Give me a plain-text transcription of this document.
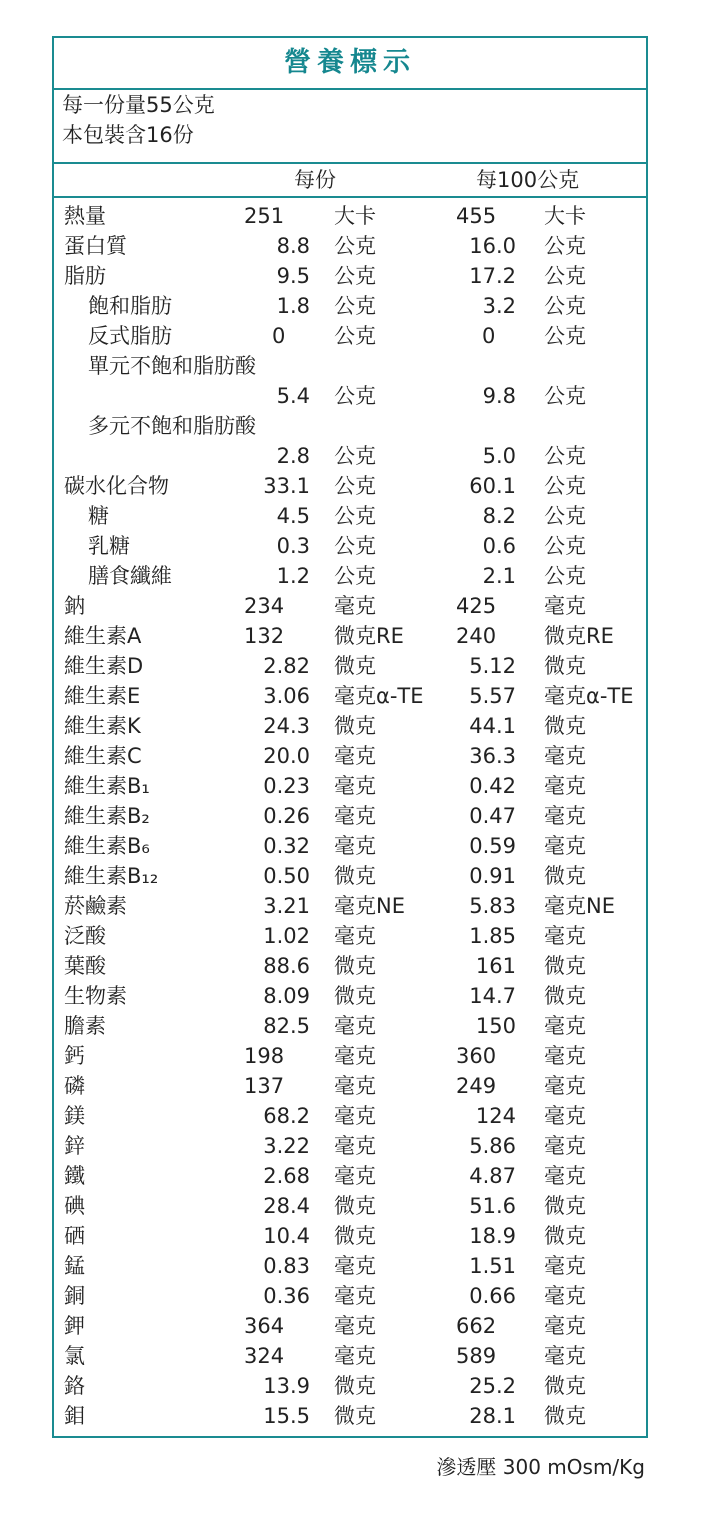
營養標示
每一份量55公克
本包裝含16份
每份	每100公克
熱量	251	大卡	455	大卡
蛋白質	8.8 公克	16.0 公克
脂肪	9.5 公克	17.2 公克
飽和脂肪	1.8 公克	3.2 公克
反式脂肪	0 公克	0 公克
單元不飽和脂肪酸
5.4 公克	9.8 公克
多元不飽和脂肪酸
2.8 公克	5.0 公克
碳水化合物	33.1 公克	60.1 公克
糖	4.5 公克	8.2 公克
乳糖	0.3 公克	0.6 公克
膳食纖維	1.2 公克	2.1 公克
鈉	234	毫克	425	毫克
維生素A	132	微克RE 240	微克RE
維生素D	2.82 微克	5.12 微克
維生素E	3.06 毫克α-TE	5.57 毫克α-TE
維生素K	24.3 微克	44.1 微克
維生素C	20.0 毫克	36.3 毫克
維生素B₁	0.23 毫克	0.42 毫克
維生素B₂	0.26 毫克	0.47 毫克
維生素B₆	0.32 毫克	0.59 毫克
維生素B₁₂	0.50 微克	0.91 微克
菸鹼素	3.21 毫克NE	5.83 毫克NE
泛酸	1.02 毫克	1.85 毫克
葉酸	88.6 微克	161 微克
生物素	8.09 微克	14.7 微克
膽素	82.5 毫克	150 毫克
鈣	198	毫克	360	毫克
磷	137	毫克	249	毫克
鎂	68.2 毫克	124 毫克
鋅	3.22 毫克	5.86 毫克
鐵	2.68 毫克	4.87 毫克
碘	28.4 微克	51.6 微克
硒	10.4 微克	18.9 微克
錳	0.83 毫克	1.51 毫克
銅	0.36 毫克	0.66 毫克
鉀	364	毫克	662	毫克
氯	324	毫克	589	毫克
鉻	13.9 微克	25.2 微克
鉬	15.5 微克	28.1 微克
滲透壓 300 mOsm/Kg
